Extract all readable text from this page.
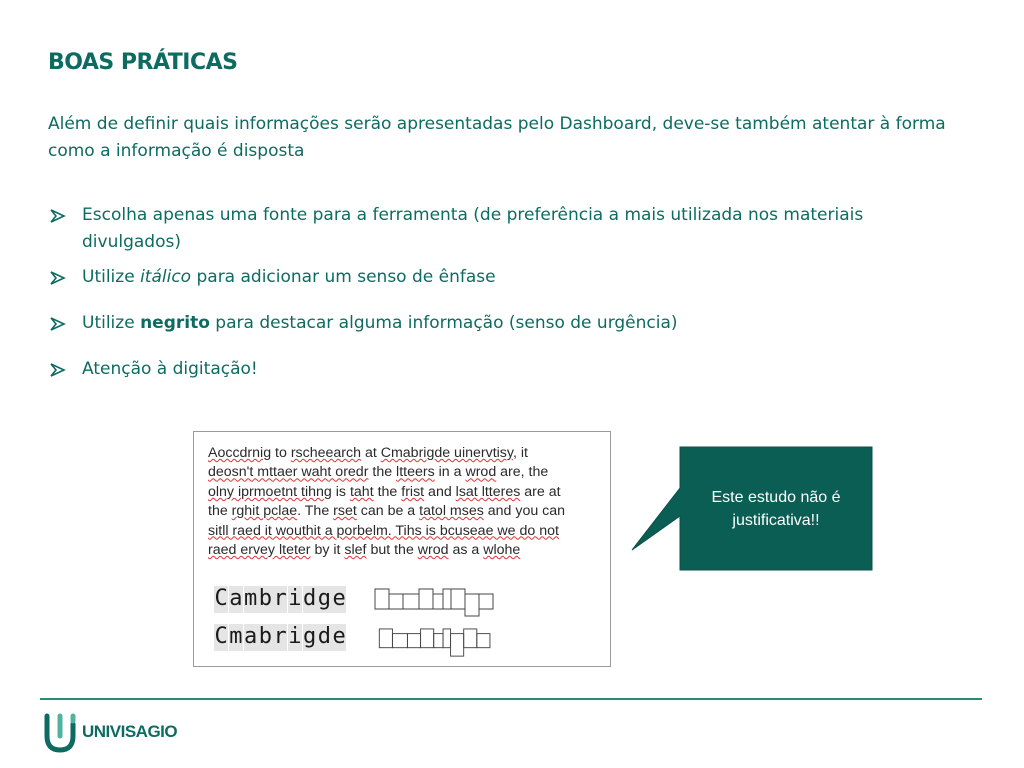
BOAS PRÁTICAS
Além de definir quais informações serão apresentadas pelo Dashboard, deve-se também atentar à forma como a informação é disposta
Escolha apenas uma fonte para a ferramenta (de preferência a mais utilizada nos materiais divulgados)
Utilize itálico para adicionar um senso de ênfase
Utilize negrito para destacar alguma informação (senso de urgência)
Atenção à digitação!
Aoccdrnig to rscheearch at Cmabrigde uinervtisy, it
deosn't mttaer waht oredr the ltteers in a wrod are, the
olny iprmoetnt tihng is taht the frist and lsat ltteres are at
the rghit pclae. The rset can be a tatol mses and you can
sitll raed it wouthit a porbelm. Tihs is bcuseae we do not
raed ervey lteter by it slef but the wrod as a wlohe
C a m b r i d g e
C m a b r i g d e
Este estudo não é justificativa!!
UNIVISAGIO
